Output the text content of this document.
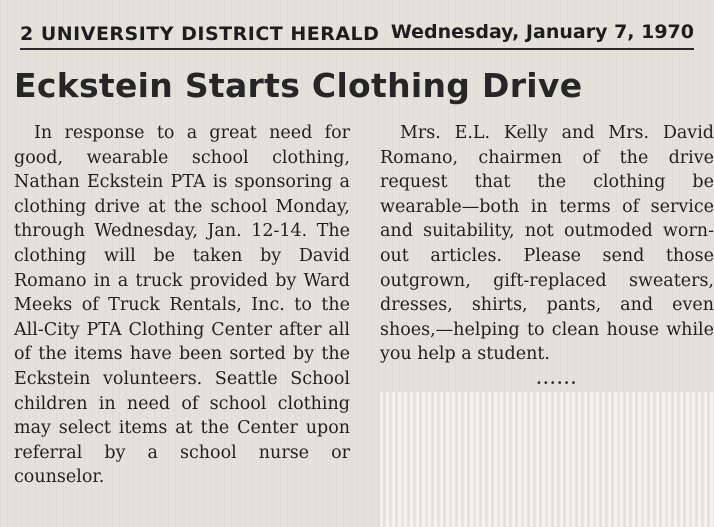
2 UNIVERSITY DISTRICT HERALD Wednesday, January 7, 1970
Eckstein Starts Clothing Drive

In response to a great need for good, wearable school clothing, Nathan Eckstein PTA is sponsoring a clothing drive at the school Monday, through Wednesday, Jan. 12-14. The clothing will be taken by David Romano in a truck provided by Ward Meeks of Truck Rentals, Inc. to the All-City PTA Clothing Center after all of the items have been sorted by the Eckstein volunteers. Seattle School children in need of school clothing may select items at the Center upon referral by a school nurse or counselor.

Mrs. E.L. Kelly and Mrs. David Romano, chairmen of the drive request that the clothing be wearable—both in terms of service and suitability, not outmoded worn-out articles. Please send those outgrown, gift-replaced sweaters, dresses, shirts, pants, and even shoes,—helping to clean house while you help a student.

••••••
